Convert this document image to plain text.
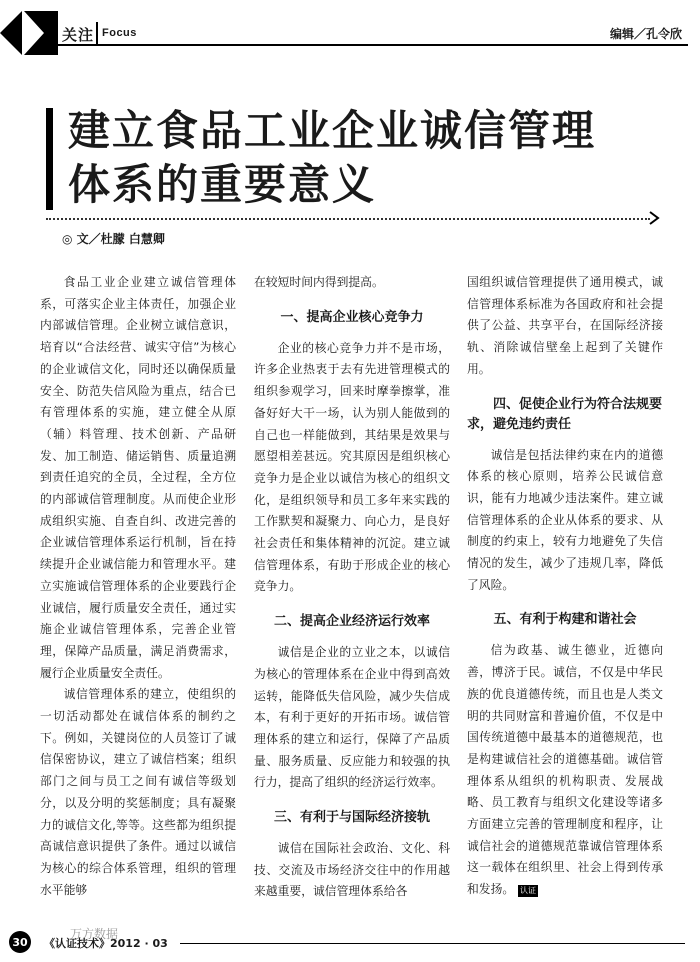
关注 Focus	编辑／孔令欣
建立食品工业企业诚信管理
体系的重要意义
◎ 文／杜朦 白慧卿

食品工业企业建立诚信管理体系，可落实企业主体责任，加强企业内部诚信管理。企业树立诚信意识，培育以“合法经营、诚实守信”为核心的企业诚信文化，同时还以确保质量安全、防范失信风险为重点，结合已有管理体系的实施，建立健全从原（辅）料管理、技术创新、产品研发、加工制造、储运销售、质量追溯到责任追究的全员，全过程，全方位的内部诚信管理制度。从而使企业形成组织实施、自查自纠、改进完善的企业诚信管理体系运行机制，旨在持续提升企业诚信能力和管理水平。建立实施诚信管理体系的企业要践行企业诚信，履行质量安全责任，通过实施企业诚信管理体系，完善企业管理，保障产品质量，满足消费需求，履行企业质量安全责任。

诚信管理体系的建立，使组织的一切活动都处在诚信体系的制约之下。例如，关键岗位的人员签订了诚信保密协议，建立了诚信档案；组织部门之间与员工之间有诚信等级划分，以及分明的奖惩制度；具有凝聚力的诚信文化,等等。这些都为组织提高诚信意识提供了条件。通过以诚信为核心的综合体系管理，组织的管理水平能够

在较短时间内得到提高。

一、提高企业核心竞争力

企业的核心竞争力并不是市场，许多企业热衷于去有先进管理模式的组织参观学习，回来时摩拳擦掌，准备好好大干一场，认为别人能做到的自己也一样能做到，其结果是效果与愿望相差甚远。究其原因是组织核心竞争力是企业以诚信为核心的组织文化，是组织领导和员工多年来实践的工作默契和凝聚力、向心力，是良好社会责任和集体精神的沉淀。建立诚信管理体系，有助于形成企业的核心竞争力。

二、提高企业经济运行效率

诚信是企业的立业之本，以诚信为核心的管理体系在企业中得到高效运转，能降低失信风险，减少失信成本，有利于更好的开拓市场。诚信管理体系的建立和运行，保障了产品质量、服务质量、反应能力和较强的执行力，提高了组织的经济运行效率。

三、有利于与国际经济接轨

诚信在国际社会政治、文化、科技、交流及市场经济交往中的作用越来越重要，诚信管理体系给各

国组织诚信管理提供了通用模式，诚信管理体系标准为各国政府和社会提供了公益、共享平台，在国际经济接轨、消除诚信壁垒上起到了关键作用。

四、促使企业行为符合法规要求，避免违约责任

诚信是包括法律约束在内的道德体系的核心原则，培养公民诚信意识，能有力地减少违法案件。建立诚信管理体系的企业从体系的要求、从制度的约束上，较有力地避免了失信情况的发生，减少了违规几率，降低了风险。

五、有利于构建和谐社会

信为政基、诚生德业，近德向善，博济于民。诚信，不仅是中华民族的优良道德传统，而且也是人类文明的共同财富和普遍价值，不仅是中国传统道德中最基本的道德规范，也是构建诚信社会的道德基础。诚信管理体系从组织的机构职责、发展战略、员工教育与组织文化建设等诸多方面建立完善的管理制度和程序，让诚信社会的道德规范靠诚信管理体系这一载体在组织里、社会上得到传承和发扬。 认证

30
万方数据
《认证技术》2012 · 03
